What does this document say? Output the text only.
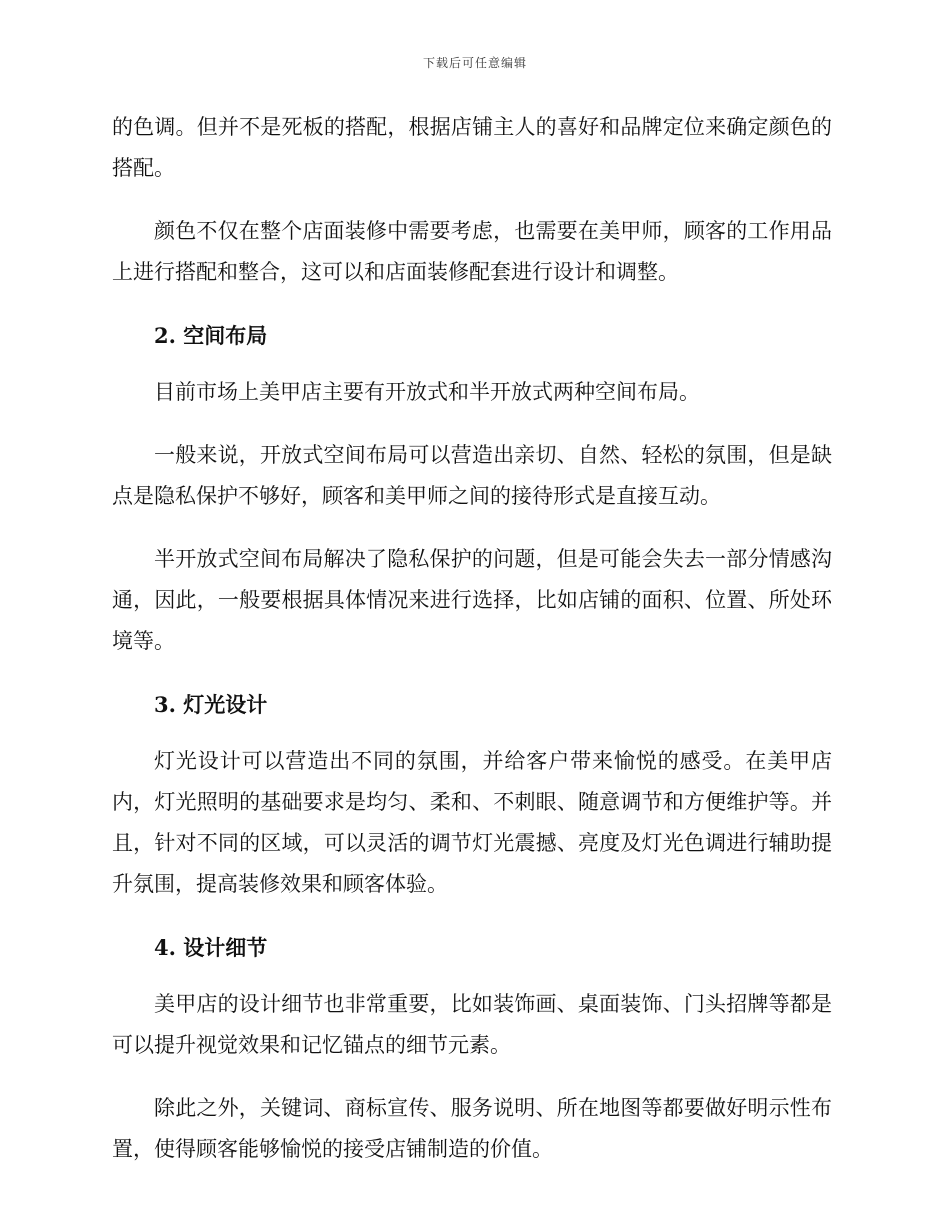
下载后可任意编辑

的色调。但并不是死板的搭配，根据店铺主人的喜好和品牌定位来确定颜色的搭配。

颜色不仅在整个店面装修中需要考虑，也需要在美甲师，顾客的工作用品上进行搭配和整合，这可以和店面装修配套进行设计和调整。

2. 空间布局

目前市场上美甲店主要有开放式和半开放式两种空间布局。

一般来说，开放式空间布局可以营造出亲切、自然、轻松的氛围，但是缺点是隐私保护不够好，顾客和美甲师之间的接待形式是直接互动。

半开放式空间布局解决了隐私保护的问题，但是可能会失去一部分情感沟通，因此，一般要根据具体情况来进行选择，比如店铺的面积、位置、所处环境等。

3. 灯光设计

灯光设计可以营造出不同的氛围，并给客户带来愉悦的感受。在美甲店内，灯光照明的基础要求是均匀、柔和、不刺眼、随意调节和方便维护等。并且，针对不同的区域，可以灵活的调节灯光震撼、亮度及灯光色调进行辅助提升氛围，提高装修效果和顾客体验。

4. 设计细节

美甲店的设计细节也非常重要，比如装饰画、桌面装饰、门头招牌等都是可以提升视觉效果和记忆锚点的细节元素。

除此之外，关键词、商标宣传、服务说明、所在地图等都要做好明示性布置，使得顾客能够愉悦的接受店铺制造的价值。
